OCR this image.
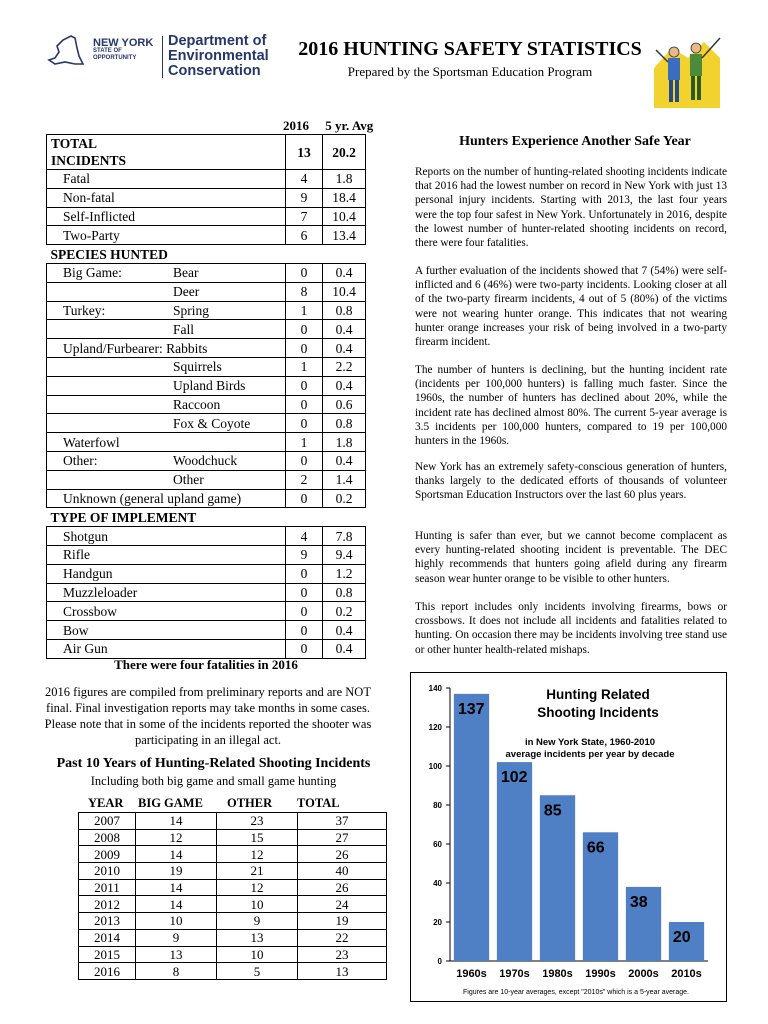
NEW YORK
STATE OF
OPPORTUNITY
Department of
Environmental
Conservation
2016 HUNTING SAFETY STATISTICS
Prepared by the Sportsman Education Program
2016 5 yr. Avg
TOTAL INCIDENTS	13	20.2
Fatal	4	1.8
Non-fatal	9	18.4
Self-Inflicted	7	10.4
Two-Party	6	13.4
SPECIES HUNTED		
Big Game: Bear	0	0.4
Deer	8	10.4
Turkey: Spring	1	0.8
Fall	0	0.4
Upland/Furbearer: Rabbits	0	0.4
Squirrels	1	2.2
Upland Birds	0	0.4
Raccoon	0	0.6
Fox & Coyote	0	0.8
Waterfowl	1	1.8
Other: Woodchuck	0	0.4
Other	2	1.4
Unknown (general upland game)	0	0.2
TYPE OF IMPLEMENT		
Shotgun	4	7.8
Rifle	9	9.4
Handgun	0	1.2
Muzzleloader	0	0.8
Crossbow	0	0.2
Bow	0	0.4
Air Gun	0	0.4
There were four fatalities in 2016
2016 figures are compiled from preliminary reports and are NOT final. Final investigation reports may take months in some cases. Please note that in some of the incidents reported the shooter was participating in an illegal act.
Past 10 Years of Hunting-Related Shooting Incidents
Including both big game and small game hunting
YEAR BIG GAME OTHER TOTAL
2007	14	23	37
2008	12	15	27
2009	14	12	26
2010	19	21	40
2011	14	12	26
2012	14	10	24
2013	10	9	19
2014	9	13	22
2015	13	10	23
2016	8	5	13
Hunters Experience Another Safe Year
Reports on the number of hunting-related shooting incidents indicate that 2016 had the lowest number on record in New York with just 13 personal injury incidents. Starting with 2013, the last four years were the top four safest in New York. Unfortunately in 2016, despite the lowest number of hunter-related shooting incidents on record, there were four fatalities.
A further evaluation of the incidents showed that 7 (54%) were self-inflicted and 6 (46%) were two-party incidents. Looking closer at all of the two-party firearm incidents, 4 out of 5 (80%) of the victims were not wearing hunter orange. This indicates that not wearing hunter orange increases your risk of being involved in a two-party firearm incident.
The number of hunters is declining, but the hunting incident rate (incidents per 100,000 hunters) is falling much faster. Since the 1960s, the number of hunters has declined about 20%, while the incident rate has declined almost 80%. The current 5-year average is 3.5 incidents per 100,000 hunters, compared to 19 per 100,000 hunters in the 1960s.
New York has an extremely safety-conscious generation of hunters, thanks largely to the dedicated efforts of thousands of volunteer Sportsman Education Instructors over the last 60 plus years.
Hunting is safer than ever, but we cannot become complacent as every hunting-related shooting incident is preventable. The DEC highly recommends that hunters going afield during any firearm season wear hunter orange to be visible to other hunters.
This report includes only incidents involving firearms, bows or crossbows. It does not include all incidents and fatalities related to hunting. On occasion there may be incidents involving tree stand use or other hunter health-related mishaps.
0
20
40
60
80
100
120
140
137
1960s
102
1970s
85
1980s
66
1990s
38
2000s
20
2010s
Hunting Related
Shooting Incidents
in New York State, 1960-2010
average incidents per year by decade
Figures are 10-year averages, except "2010s" which is a 5-year average.
